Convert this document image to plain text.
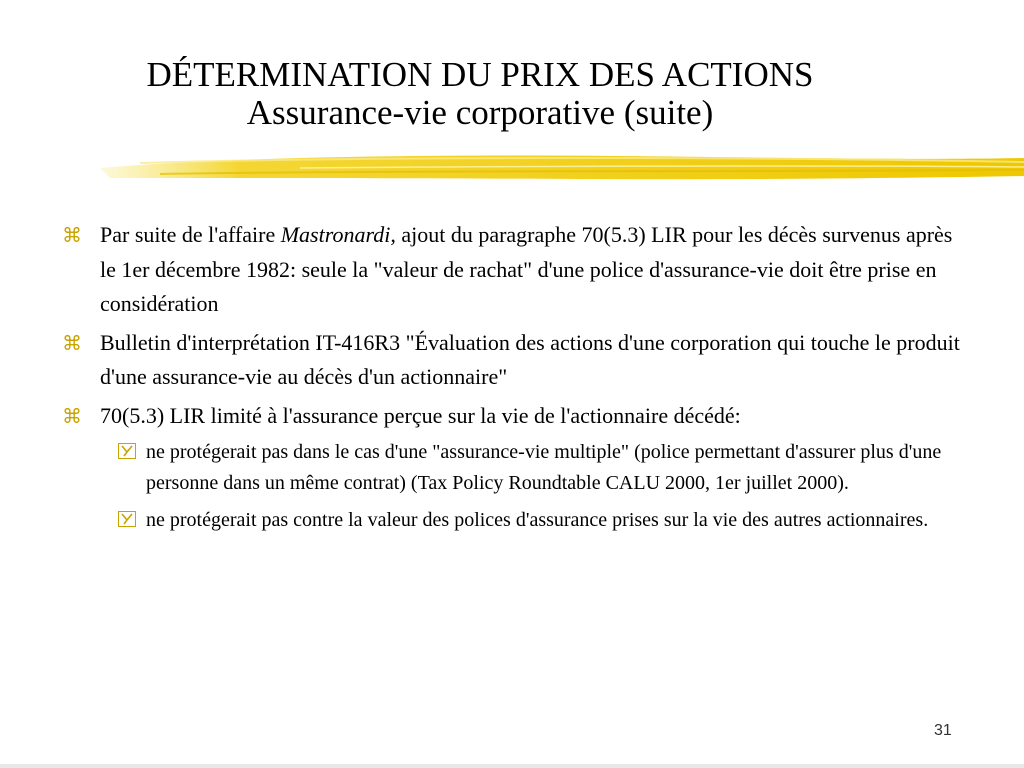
DÉTERMINATION DU PRIX DES ACTIONS
Assurance-vie corporative (suite)
⌘ Par suite de l'affaire Mastronardi, ajout du paragraphe 70(5.3) LIR pour les décès survenus après le 1er décembre 1982: seule la "valeur de rachat" d'une police d'assurance-vie doit être prise en considération
⌘ Bulletin d'interprétation IT-416R3 "Évaluation des actions d'une corporation qui touche le produit d'une assurance-vie au décès d'un actionnaire"
⌘ 70(5.3) LIR limité à l'assurance perçue sur la vie de l'actionnaire décédé:
ne protégerait pas dans le cas d'une "assurance-vie multiple" (police permettant d'assurer plus d'une personne dans un même contrat) (Tax Policy Roundtable CALU 2000, 1er juillet 2000).
ne protégerait pas contre la valeur des polices d'assurance prises sur la vie des autres actionnaires.
31
